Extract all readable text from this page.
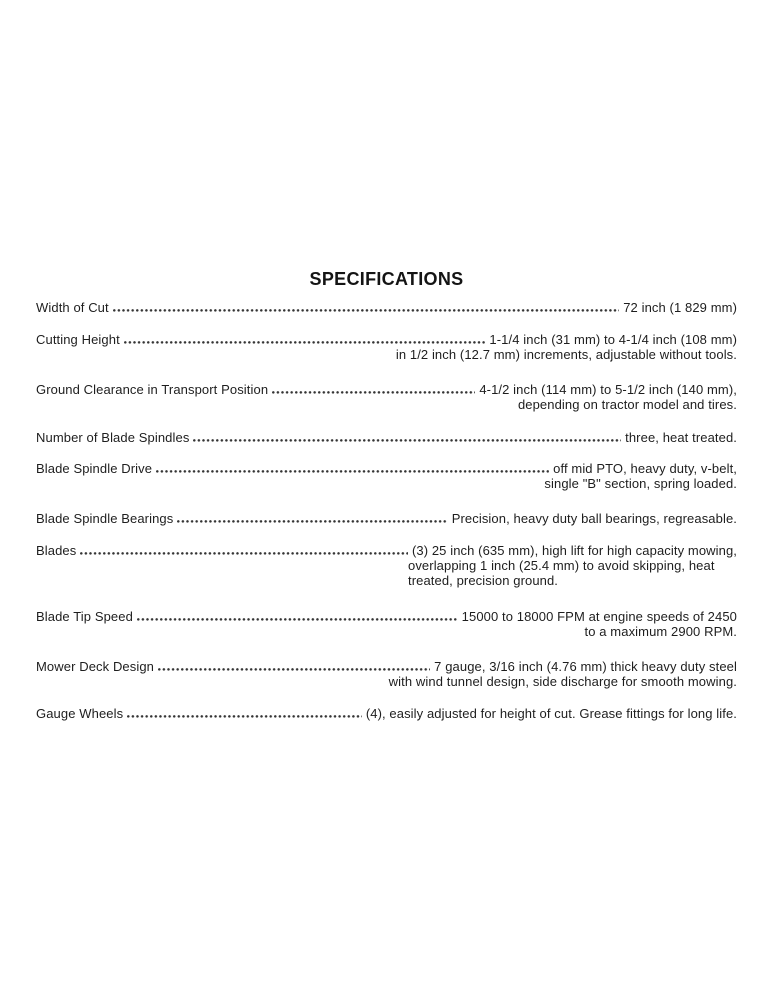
SPECIFICATIONS
Width of Cut	72 inch (1 829 mm)
Cutting Height	1-1/4 inch (31 mm) to 4-1/4 inch (108 mm)
in 1/2 inch (12.7 mm) increments, adjustable without tools.
Ground Clearance in Transport Position	4-1/2 inch (114 mm) to 5-1/2 inch (140 mm),
depending on tractor model and tires.
Number of Blade Spindles	three, heat treated.
Blade Spindle Drive	off mid PTO, heavy duty, v-belt,
single "B" section, spring loaded.
Blade Spindle Bearings	Precision, heavy duty ball bearings, regreasable.
Blades	(3) 25 inch (635 mm), high lift for high capacity mowing,
overlapping 1 inch (25.4 mm) to avoid skipping, heat
treated, precision ground.
Blade Tip Speed	15000 to 18000 FPM at engine speeds of 2450
to a maximum 2900 RPM.
Mower Deck Design	7 gauge, 3/16 inch (4.76 mm) thick heavy duty steel
with wind tunnel design, side discharge for smooth mowing.
Gauge Wheels	(4), easily adjusted for height of cut. Grease fittings for long life.
